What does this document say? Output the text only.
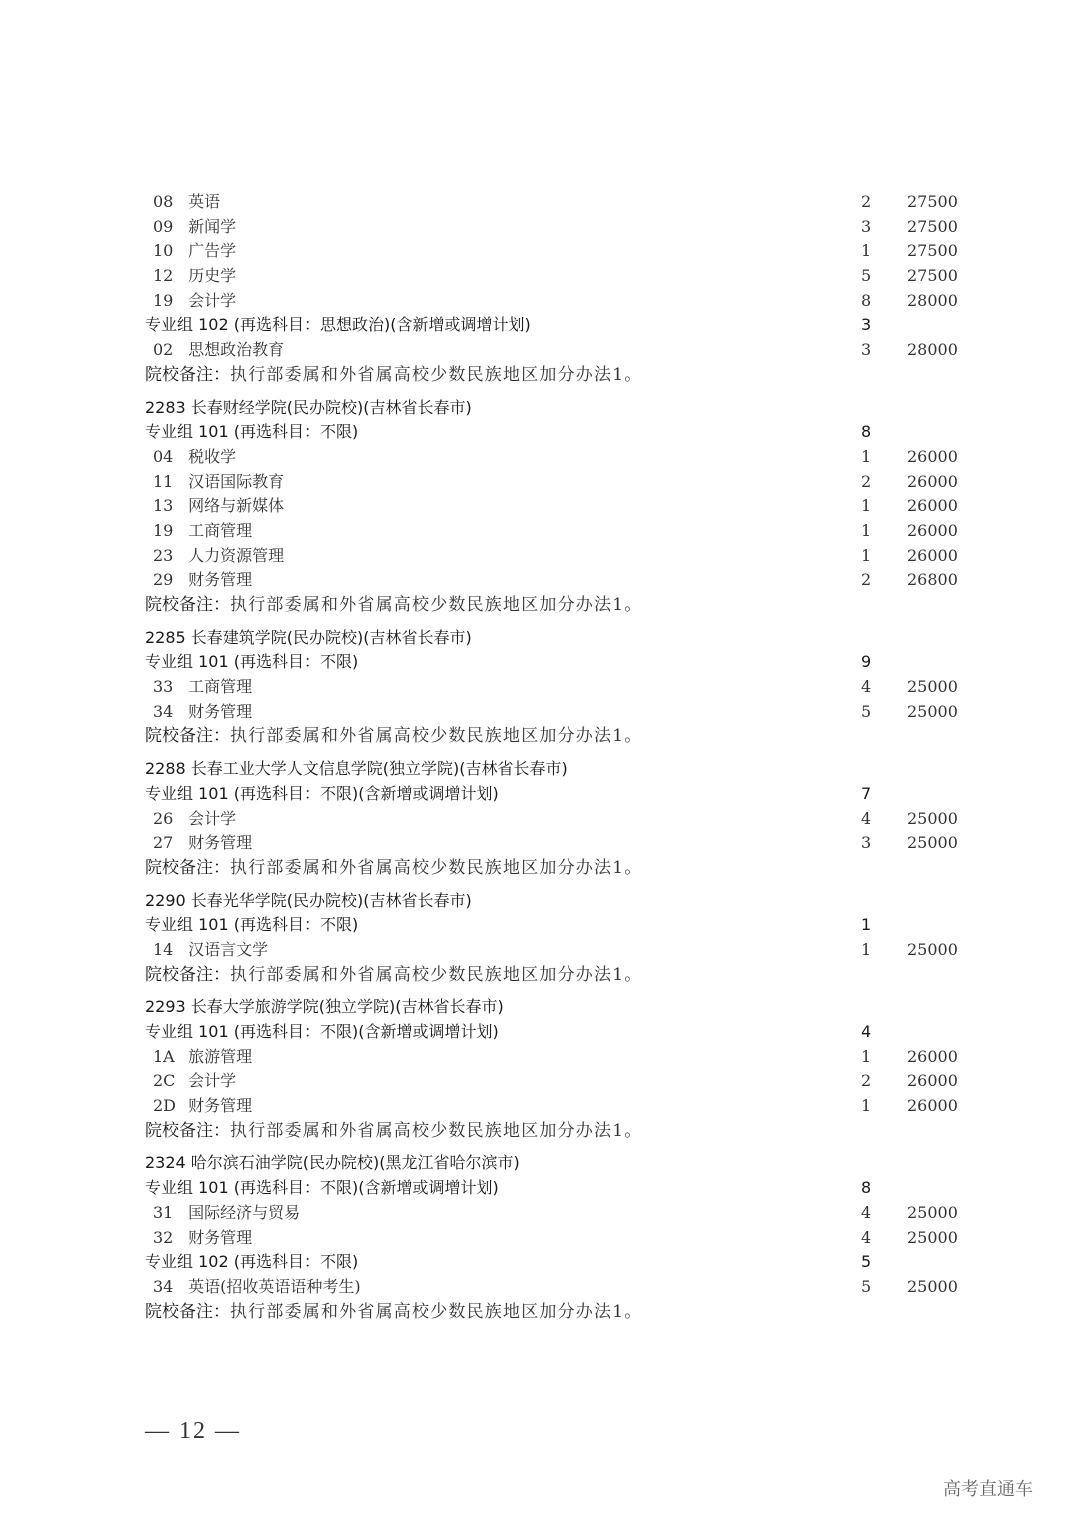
08 英语	2 27500
09 新闻学	3 27500
10 广告学	1 27500
12 历史学	5 27500
19 会计学	8 28000
专业组 102 (再选科目：思想政治)(含新增或调增计划)	3
02 思想政治教育	3 28000
院校备注：执行部委属和外省属高校少数民族地区加分办法1。
2283 长春财经学院(民办院校)(吉林省长春市)
专业组 101 (再选科目：不限)	8
04 税收学	1 26000
11 汉语国际教育	2 26000
13 网络与新媒体	1 26000
19 工商管理	1 26000
23 人力资源管理	1 26000
29 财务管理	2 26800
院校备注：执行部委属和外省属高校少数民族地区加分办法1。
2285 长春建筑学院(民办院校)(吉林省长春市)
专业组 101 (再选科目：不限)	9
33 工商管理	4 25000
34 财务管理	5 25000
院校备注：执行部委属和外省属高校少数民族地区加分办法1。
2288 长春工业大学人文信息学院(独立学院)(吉林省长春市)
专业组 101 (再选科目：不限)(含新增或调增计划)	7
26 会计学	4 25000
27 财务管理	3 25000
院校备注：执行部委属和外省属高校少数民族地区加分办法1。
2290 长春光华学院(民办院校)(吉林省长春市)
专业组 101 (再选科目：不限)	1
14 汉语言文学	1 25000
院校备注：执行部委属和外省属高校少数民族地区加分办法1。
2293 长春大学旅游学院(独立学院)(吉林省长春市)
专业组 101 (再选科目：不限)(含新增或调增计划)	4
1A 旅游管理	1 26000
2C 会计学	2 26000
2D 财务管理	1 26000
院校备注：执行部委属和外省属高校少数民族地区加分办法1。
2324 哈尔滨石油学院(民办院校)(黑龙江省哈尔滨市)
专业组 101 (再选科目：不限)(含新增或调增计划)	8
31 国际经济与贸易	4 25000
32 财务管理	4 25000
专业组 102 (再选科目：不限)	5
34 英语(招收英语语种考生)	5 25000
院校备注：执行部委属和外省属高校少数民族地区加分办法1。
— 12 —
高考直通车
